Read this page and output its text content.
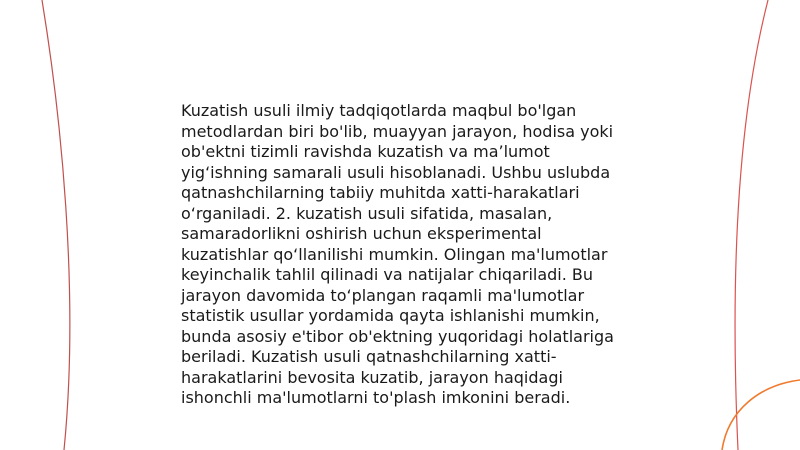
Kuzatish usuli ilmiy tadqiqotlarda maqbul bo'lgan
metodlardan biri bo'lib, muayyan jarayon, hodisa yoki
ob'ektni tizimli ravishda kuzatish va ma’lumot
yig‘ishning samarali usuli hisoblanadi. Ushbu uslubda
qatnashchilarning tabiiy muhitda xatti-harakatlari
o‘rganiladi. 2. kuzatish usuli sifatida, masalan,
samaradorlikni oshirish uchun eksperimental
kuzatishlar qo‘llanilishi mumkin. Olingan ma'lumotlar
keyinchalik tahlil qilinadi va natijalar chiqariladi. Bu
jarayon davomida to‘plangan raqamli ma'lumotlar
statistik usullar yordamida qayta ishlanishi mumkin,
bunda asosiy e'tibor ob'ektning yuqoridagi holatlariga
beriladi. Kuzatish usuli qatnashchilarning xatti-
harakatlarini bevosita kuzatib, jarayon haqidagi
ishonchli ma'lumotlarni to'plash imkonini beradi.
